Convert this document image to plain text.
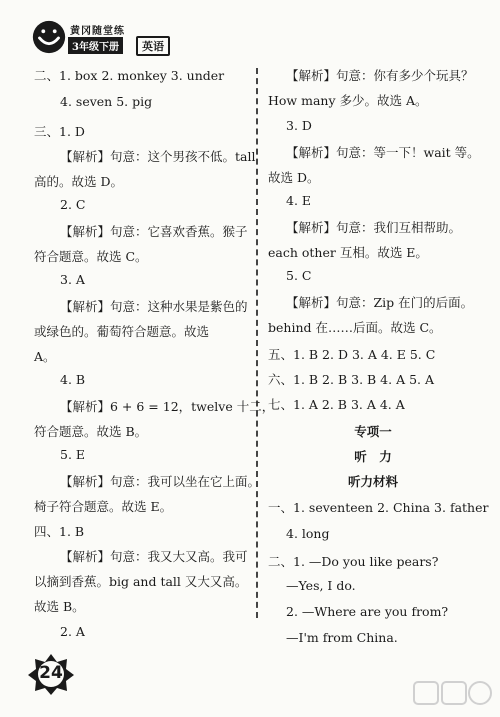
黄冈随堂练
3年级下册	英语
二、1. box 2. monkey 3. under
4. seven 5. pig
三、1. D
【解析】句意：这个男孩不低。tall
高的。故选 D。
2. C
【解析】句意：它喜欢香蕉。猴子
符合题意。故选 C。
3. A
【解析】句意：这种水果是紫色的
或绿色的。葡萄符合题意。故选
A。
4. B
【解析】6 + 6 = 12，twelve 十二，
符合题意。故选 B。
5. E
【解析】句意：我可以坐在它上面。
椅子符合题意。故选 E。
四、1. B
【解析】句意：我又大又高。我可
以摘到香蕉。big and tall 又大又高。
故选 B。
2. A
【解析】句意：你有多少个玩具？
How many 多少。故选 A。
3. D
【解析】句意：等一下！wait 等。
故选 D。
4. E
【解析】句意：我们互相帮助。
each other 互相。故选 E。
5. C
【解析】句意：Zip 在门的后面。
behind 在……后面。故选 C。
五、1. B 2. D 3. A 4. E 5. C
六、1. B 2. B 3. B 4. A 5. A
七、1. A 2. B 3. A 4. A
专项一
听　力
听力材料
一、1. seventeen 2. China 3. father
4. long
二、1. —Do you like pears?
—Yes, I do.
2. —Where are you from?
—I'm from China.
24
